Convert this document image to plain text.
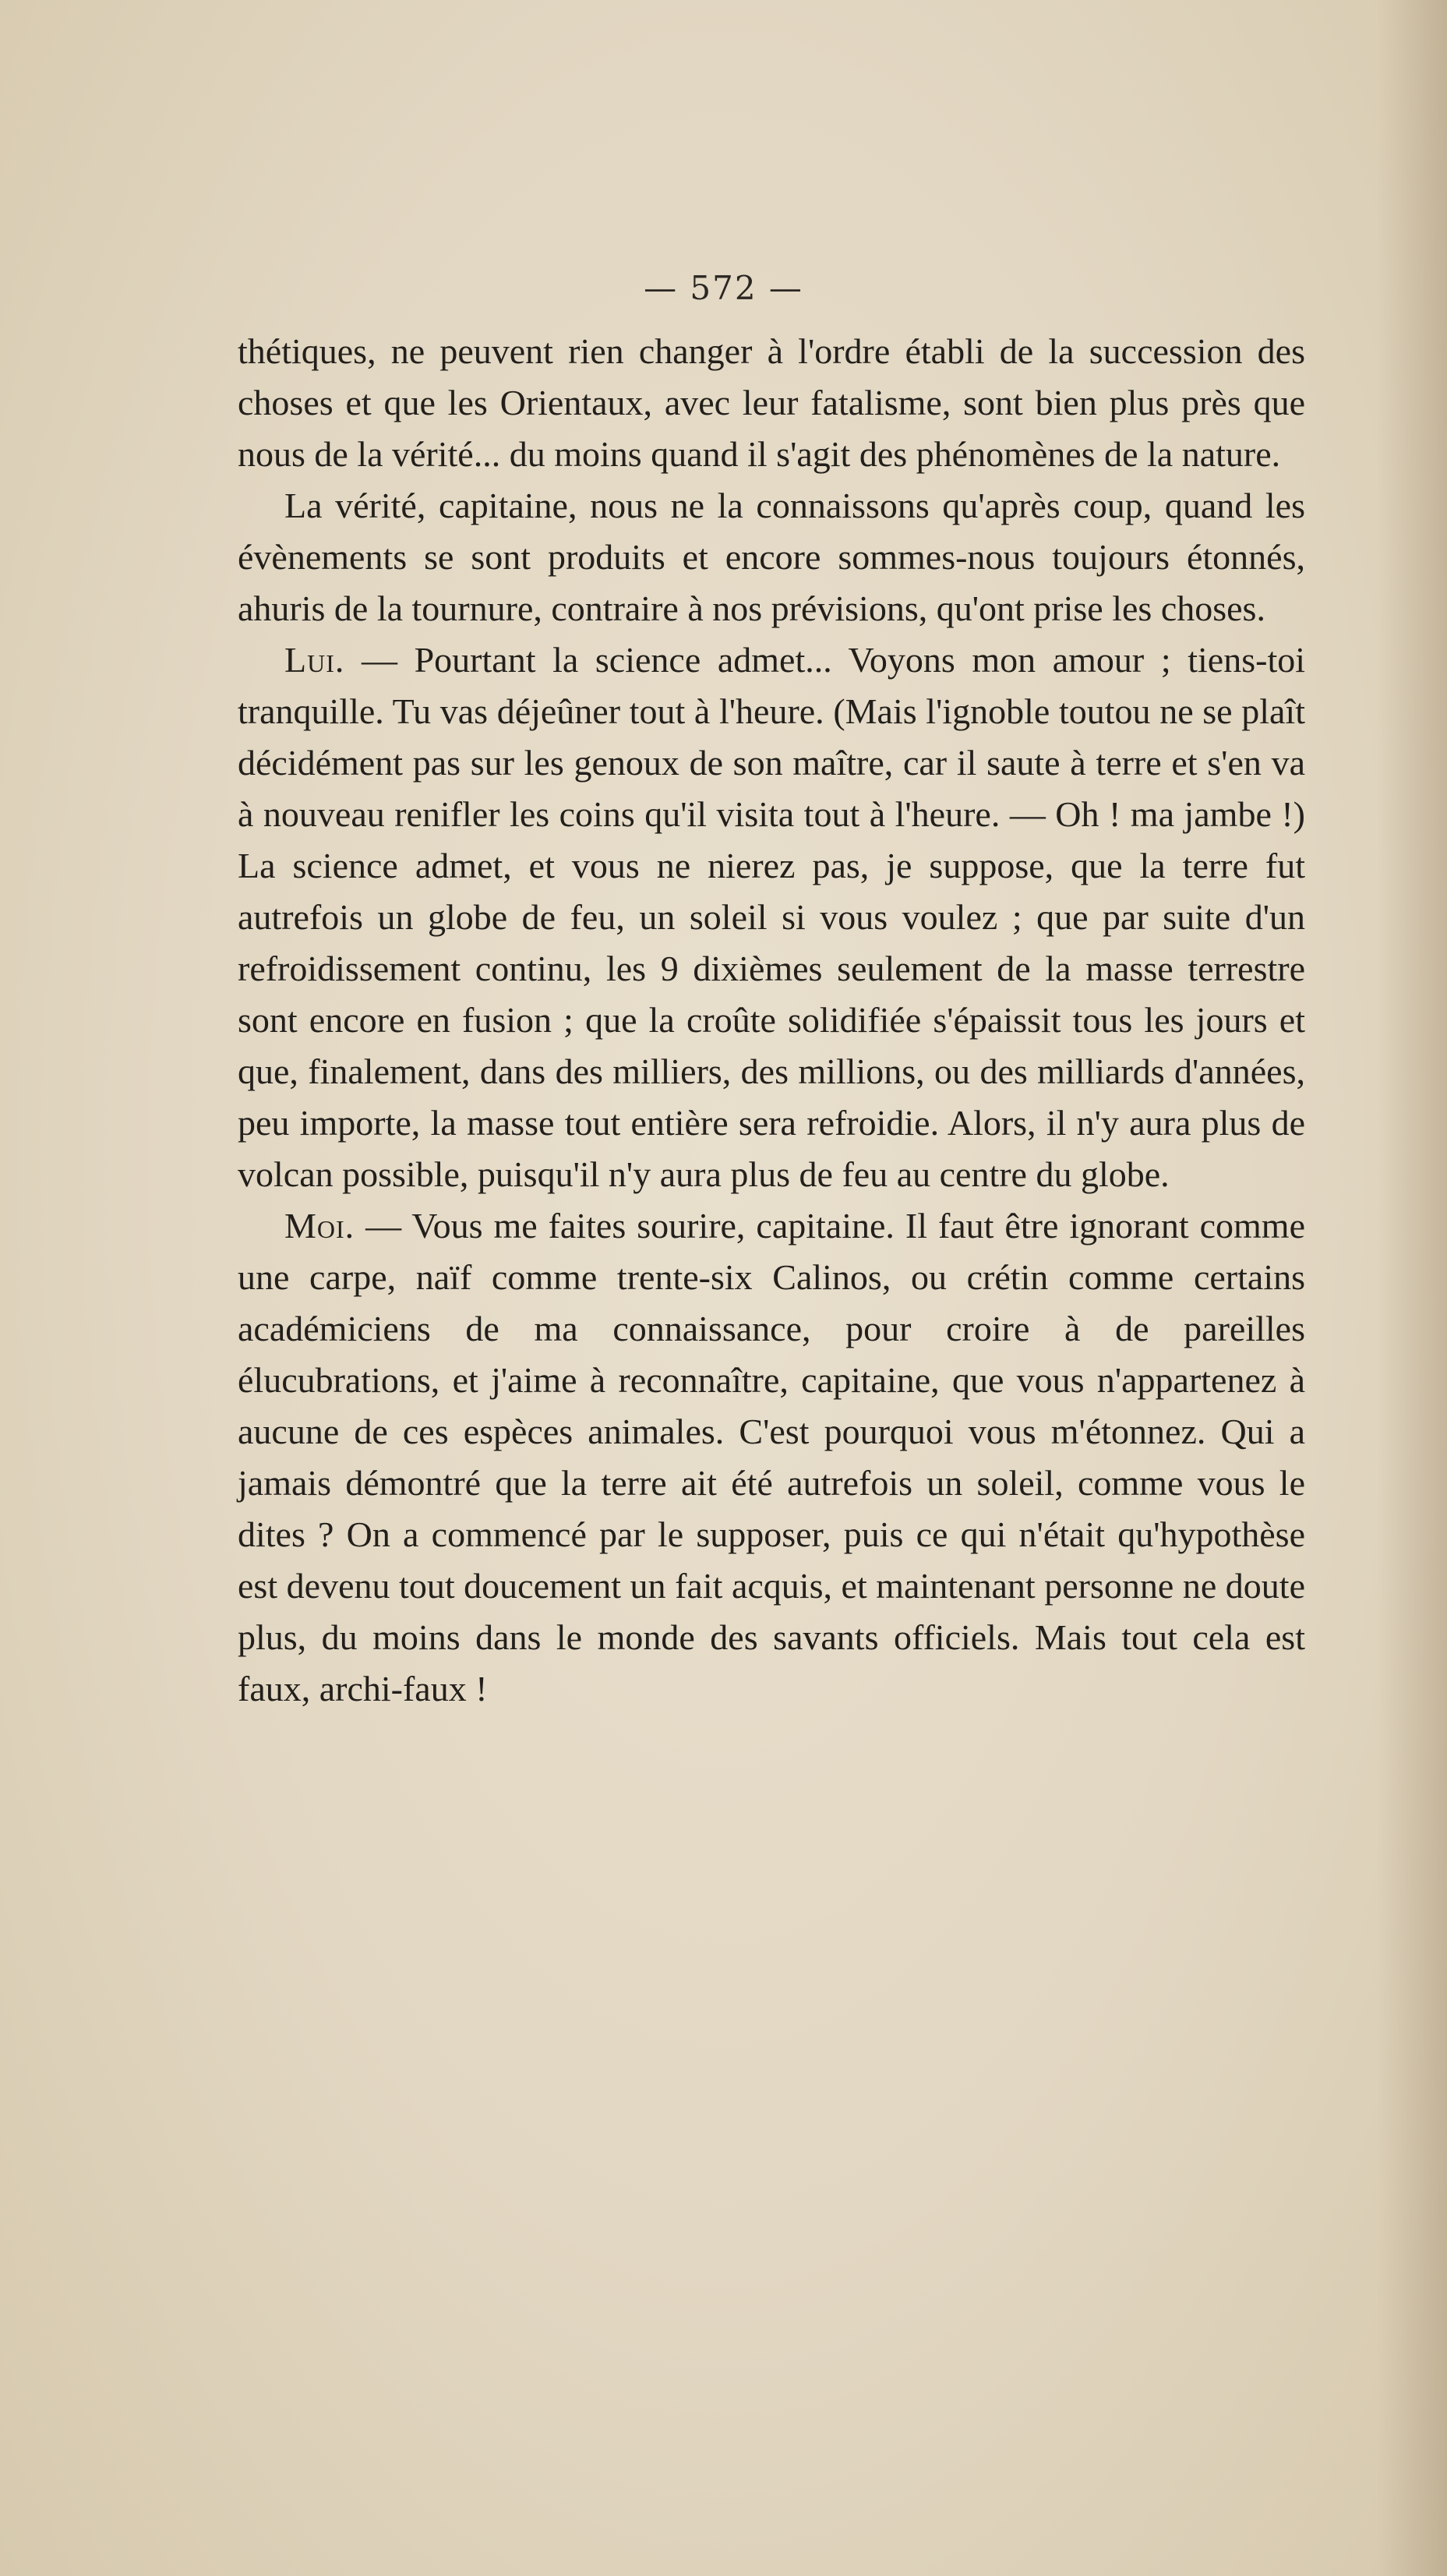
— 572 —

thétiques, ne peuvent rien changer à l'ordre établi de la succession des choses et que les Orientaux, avec leur fatalisme, sont bien plus près que nous de la vérité... du moins quand il s'agit des phénomènes de la nature.

La vérité, capitaine, nous ne la connaissons qu'après coup, quand les évènements se sont produits et encore sommes-nous toujours étonnés, ahuris de la tournure, contraire à nos prévisions, qu'ont prise les choses.

Lui. — Pourtant la science admet... Voyons mon amour ; tiens-toi tranquille. Tu vas déjeûner tout à l'heure. (Mais l'ignoble toutou ne se plaît décidément pas sur les genoux de son maître, car il saute à terre et s'en va à nouveau renifler les coins qu'il visita tout à l'heure. — Oh ! ma jambe !) La science admet, et vous ne nierez pas, je suppose, que la terre fut autrefois un globe de feu, un soleil si vous voulez ; que par suite d'un refroidissement continu, les 9 dixièmes seulement de la masse terrestre sont encore en fusion ; que la croûte solidifiée s'épaissit tous les jours et que, finalement, dans des milliers, des millions, ou des milliards d'années, peu importe, la masse tout entière sera refroidie. Alors, il n'y aura plus de volcan possible, puisqu'il n'y aura plus de feu au centre du globe.

Moi. — Vous me faites sourire, capitaine. Il faut être ignorant comme une carpe, naïf comme trente-six Calinos, ou crétin comme certains académiciens de ma connaissance, pour croire à de pareilles élucubrations, et j'aime à reconnaître, capitaine, que vous n'appartenez à aucune de ces espèces animales. C'est pourquoi vous m'étonnez. Qui a jamais démontré que la terre ait été autrefois un soleil, comme vous le dites ? On a commencé par le supposer, puis ce qui n'était qu'hypothèse est devenu tout doucement un fait acquis, et maintenant personne ne doute plus, du moins dans le monde des savants officiels. Mais tout cela est faux, archi-faux !
